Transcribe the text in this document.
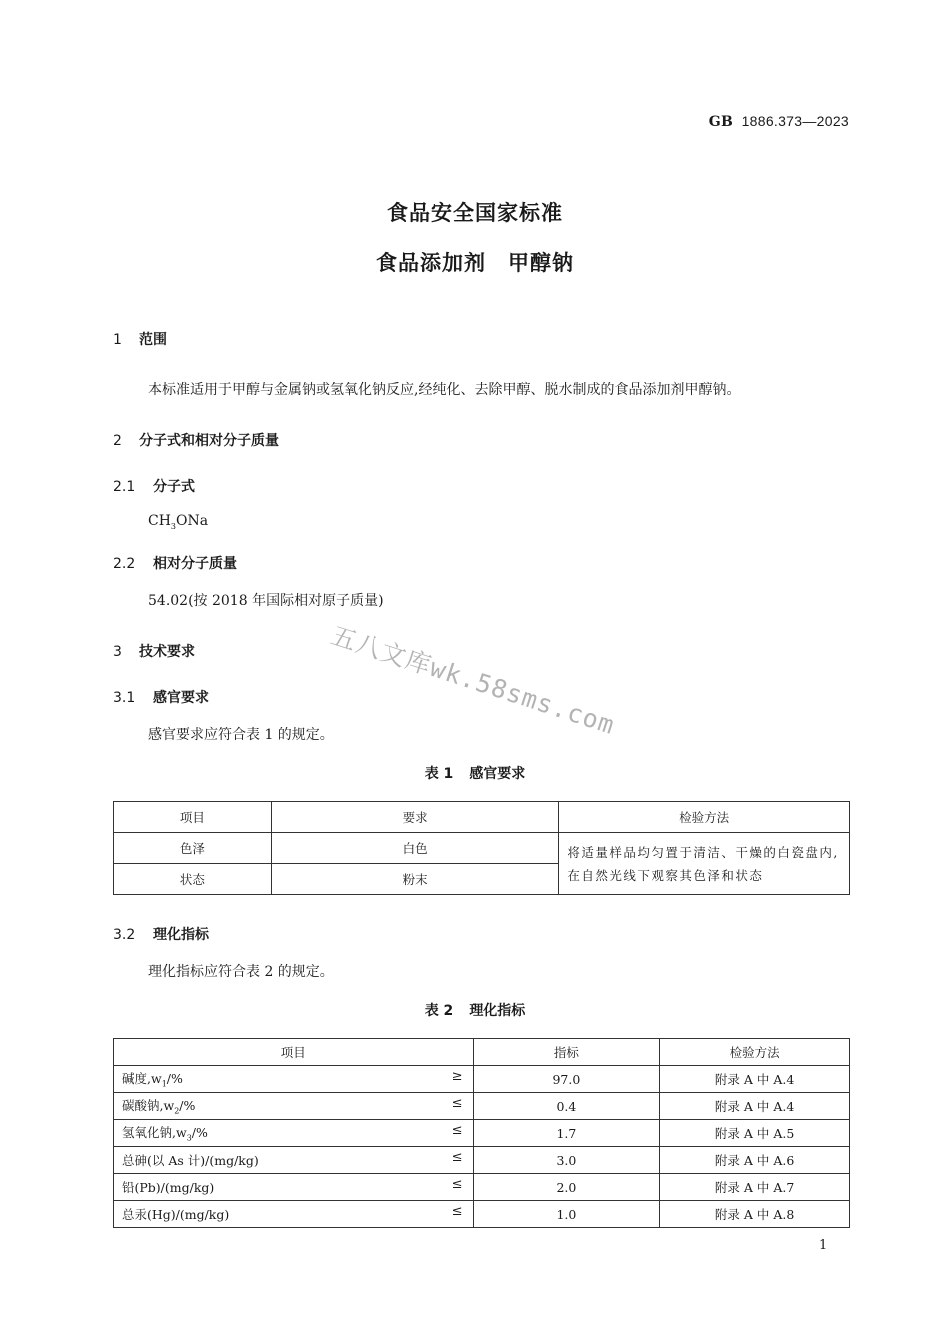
GB 1886.373—2023
食品安全国家标准
食品添加剂　甲醇钠
1 范围
本标准适用于甲醇与金属钠或氢氧化钠反应,经纯化、去除甲醇、脱水制成的食品添加剂甲醇钠。
2 分子式和相对分子质量
2.1 分子式
$CH_3ONa$
2.2 相对分子质量
54.02(按 2018 年国际相对原子质量)
3 技术要求
3.1 感官要求
感官要求应符合表 1 的规定。
表 1 感官要求
项目	要求	检验方法
色泽	白色	将适量样品均匀置于清洁、干燥的白瓷盘内,在自然光线下观察其色泽和状态
状态	粉末	
3.2 理化指标
理化指标应符合表 2 的规定。
表 2 理化指标
项目	指标	检验方法
碱度$,w_1/\%$ ≥	97.0	附录 A 中 A.4
碳酸钠$,w_2/\%$ ≤	0.4	附录 A 中 A.4
氢氧化钠$,w_3/\%$ ≤	1.7	附录 A 中 A.5
总砷(以 As 计)/(mg/kg) ≤	3.0	附录 A 中 A.6
铅(Pb)/(mg/kg) ≤	2.0	附录 A 中 A.7
总汞(Hg)/(mg/kg) ≤	1.0	附录 A 中 A.8
五八文库wk.58sms.com
1
